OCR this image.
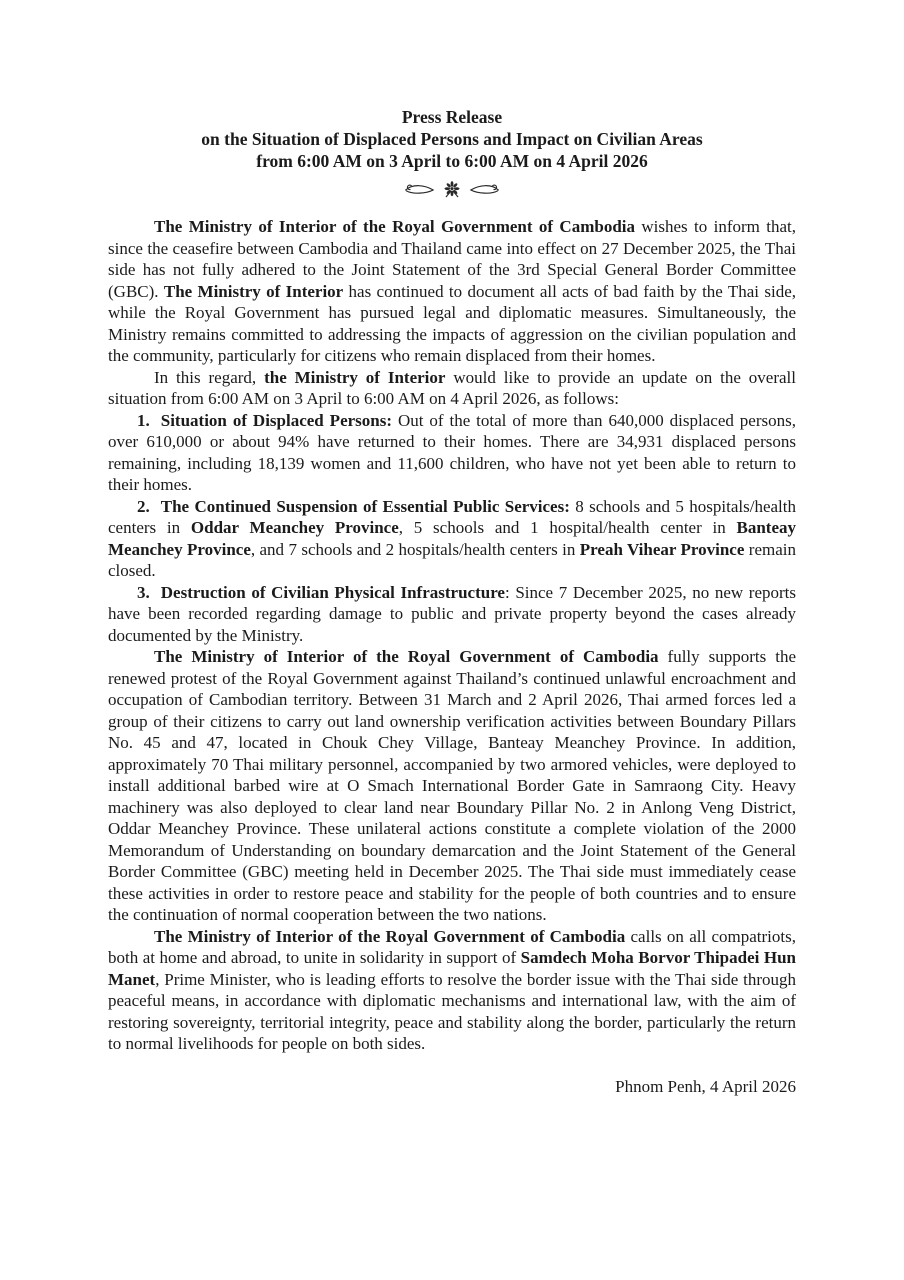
Press Release
on the Situation of Displaced Persons and Impact on Civilian Areas
from 6:00 AM on 3 April to 6:00 AM on 4 April 2026

The Ministry of Interior of the Royal Government of Cambodia wishes to inform that, since the ceasefire between Cambodia and Thailand came into effect on 27 December 2025, the Thai side has not fully adhered to the Joint Statement of the 3rd Special General Border Committee (GBC). The Ministry of Interior has continued to document all acts of bad faith by the Thai side, while the Royal Government has pursued legal and diplomatic measures. Simultaneously, the Ministry remains committed to addressing the impacts of aggression on the civilian population and the community, particularly for citizens who remain displaced from their homes.

In this regard, the Ministry of Interior would like to provide an update on the overall situation from 6:00 AM on 3 April to 6:00 AM on 4 April 2026, as follows:

1. Situation of Displaced Persons: Out of the total of more than 640,000 displaced persons, over 610,000 or about 94% have returned to their homes. There are 34,931 displaced persons remaining, including 18,139 women and 11,600 children, who have not yet been able to return to their homes.

2. The Continued Suspension of Essential Public Services: 8 schools and 5 hospitals/health centers in Oddar Meanchey Province, 5 schools and 1 hospital/health center in Banteay Meanchey Province, and 7 schools and 2 hospitals/health centers in Preah Vihear Province remain closed.

3. Destruction of Civilian Physical Infrastructure: Since 7 December 2025, no new reports have been recorded regarding damage to public and private property beyond the cases already documented by the Ministry.

The Ministry of Interior of the Royal Government of Cambodia fully supports the renewed protest of the Royal Government against Thailand’s continued unlawful encroachment and occupation of Cambodian territory. Between 31 March and 2 April 2026, Thai armed forces led a group of their citizens to carry out land ownership verification activities between Boundary Pillars No. 45 and 47, located in Chouk Chey Village, Banteay Meanchey Province. In addition, approximately 70 Thai military personnel, accompanied by two armored vehicles, were deployed to install additional barbed wire at O Smach International Border Gate in Samraong City. Heavy machinery was also deployed to clear land near Boundary Pillar No. 2 in Anlong Veng District, Oddar Meanchey Province. These unilateral actions constitute a complete violation of the 2000 Memorandum of Understanding on boundary demarcation and the Joint Statement of the General Border Committee (GBC) meeting held in December 2025. The Thai side must immediately cease these activities in order to restore peace and stability for the people of both countries and to ensure the continuation of normal cooperation between the two nations.

The Ministry of Interior of the Royal Government of Cambodia calls on all compatriots, both at home and abroad, to unite in solidarity in support of Samdech Moha Borvor Thipadei Hun Manet, Prime Minister, who is leading efforts to resolve the border issue with the Thai side through peaceful means, in accordance with diplomatic mechanisms and international law, with the aim of restoring sovereignty, territorial integrity, peace and stability along the border, particularly the return to normal livelihoods for people on both sides.

Phnom Penh, 4 April 2026
